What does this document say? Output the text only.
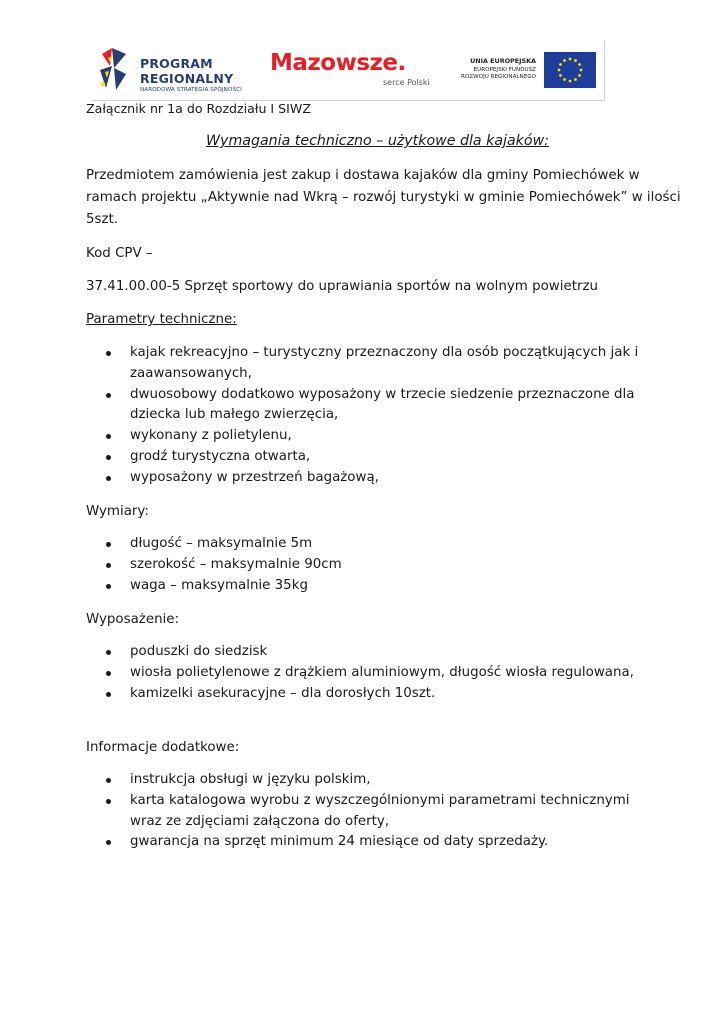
PROGRAM
REGIONALNY
NARODOWA STRATEGIA SPÓJNOŚCI
Mazowsze.
serce Polski
UNIA EUROPEJSKA
EUROPEJSKI FUNDUSZ
ROZWOJU REGIONALNEGO
Załącznik nr 1a do Rozdziału I SIWZ
Wymagania techniczno – użytkowe dla kajaków:
Przedmiotem zamówienia jest zakup i dostawa kajaków dla gminy Pomiechówek w
ramach projektu „Aktywnie nad Wkrą – rozwój turystyki w gminie Pomiechówek” w ilości
5szt.
Kod CPV –
37.41.00.00-5 Sprzęt sportowy do uprawiania sportów na wolnym powietrzu
Parametry techniczne:
kajak rekreacyjno – turystyczny przeznaczony dla osób początkujących jak i zaawansowanych,
dwuosobowy dodatkowo wyposażony w trzecie siedzenie przeznaczone dla dziecka lub małego zwierzęcia,
wykonany z polietylenu,
grodź turystyczna otwarta,
wyposażony w przestrzeń bagażową,
Wymiary:
długość – maksymalnie 5m
szerokość – maksymalnie 90cm
waga – maksymalnie 35kg
Wyposażenie:
poduszki do siedzisk
wiosła polietylenowe z drążkiem aluminiowym, długość wiosła regulowana,
kamizelki asekuracyjne – dla dorosłych 10szt.
Informacje dodatkowe:
instrukcja obsługi w języku polskim,
karta katalogowa wyrobu z wyszczególnionymi parametrami technicznymi wraz ze zdjęciami załączona do oferty,
gwarancja na sprzęt minimum 24 miesiące od daty sprzedaży.
